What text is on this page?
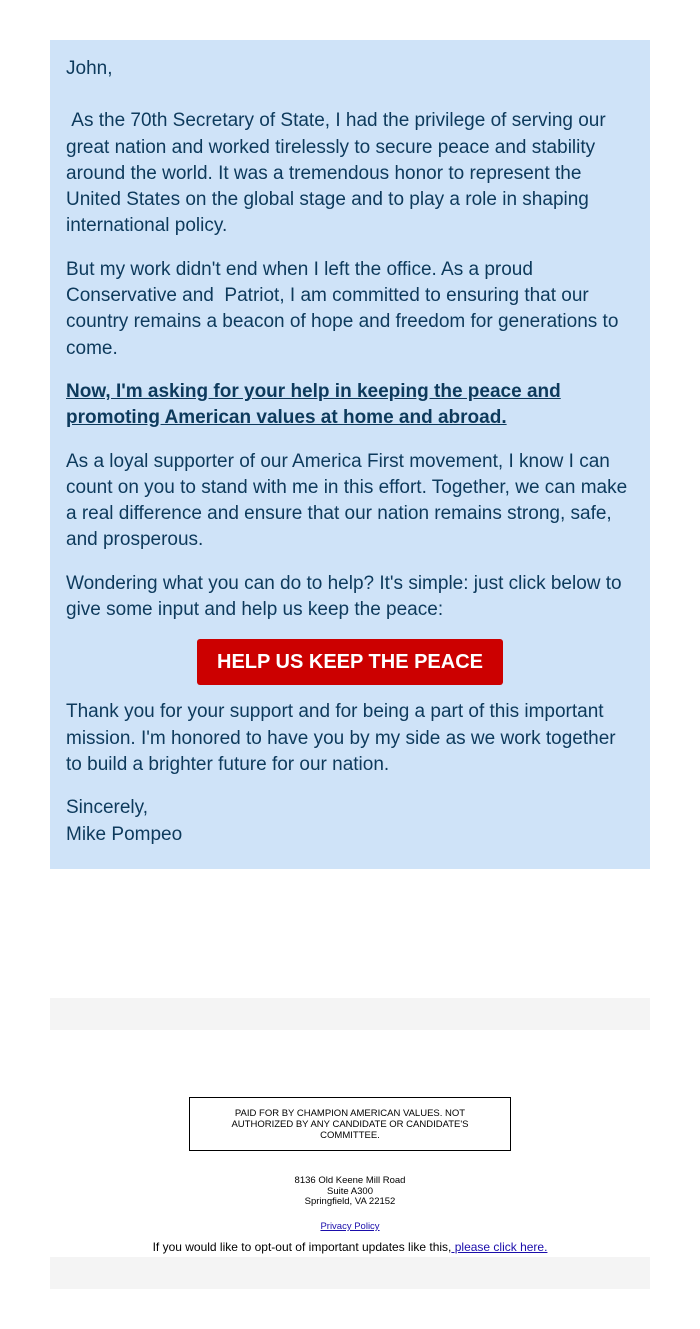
John,

As the 70th Secretary of State, I had the privilege of serving our great nation and worked tirelessly to secure peace and stability around the world. It was a tremendous honor to represent the United States on the global stage and to play a role in shaping international policy.

But my work didn't end when I left the office. As a proud Conservative and  Patriot, I am committed to ensuring that our country remains a beacon of hope and freedom for generations to come.

Now, I'm asking for your help in keeping the peace and promoting American values at home and abroad.

As a loyal supporter of our America First movement, I know I can count on you to stand with me in this effort. Together, we can make a real difference and ensure that our nation remains strong, safe, and prosperous.

Wondering what you can do to help? It's simple: just click below to give some input and help us keep the peace:

HELP US KEEP THE PEACE

Thank you for your support and for being a part of this important mission. I'm honored to have you by my side as we work together to build a brighter future for our nation.

Sincerely,
Mike Pompeo

PAID FOR BY CHAMPION AMERICAN VALUES. NOT AUTHORIZED BY ANY CANDIDATE OR CANDIDATE'S COMMITTEE.
8136 Old Keene Mill Road
Suite A300
Springfield, VA 22152
Privacy Policy
If you would like to opt-out of important updates like this, please click here.
